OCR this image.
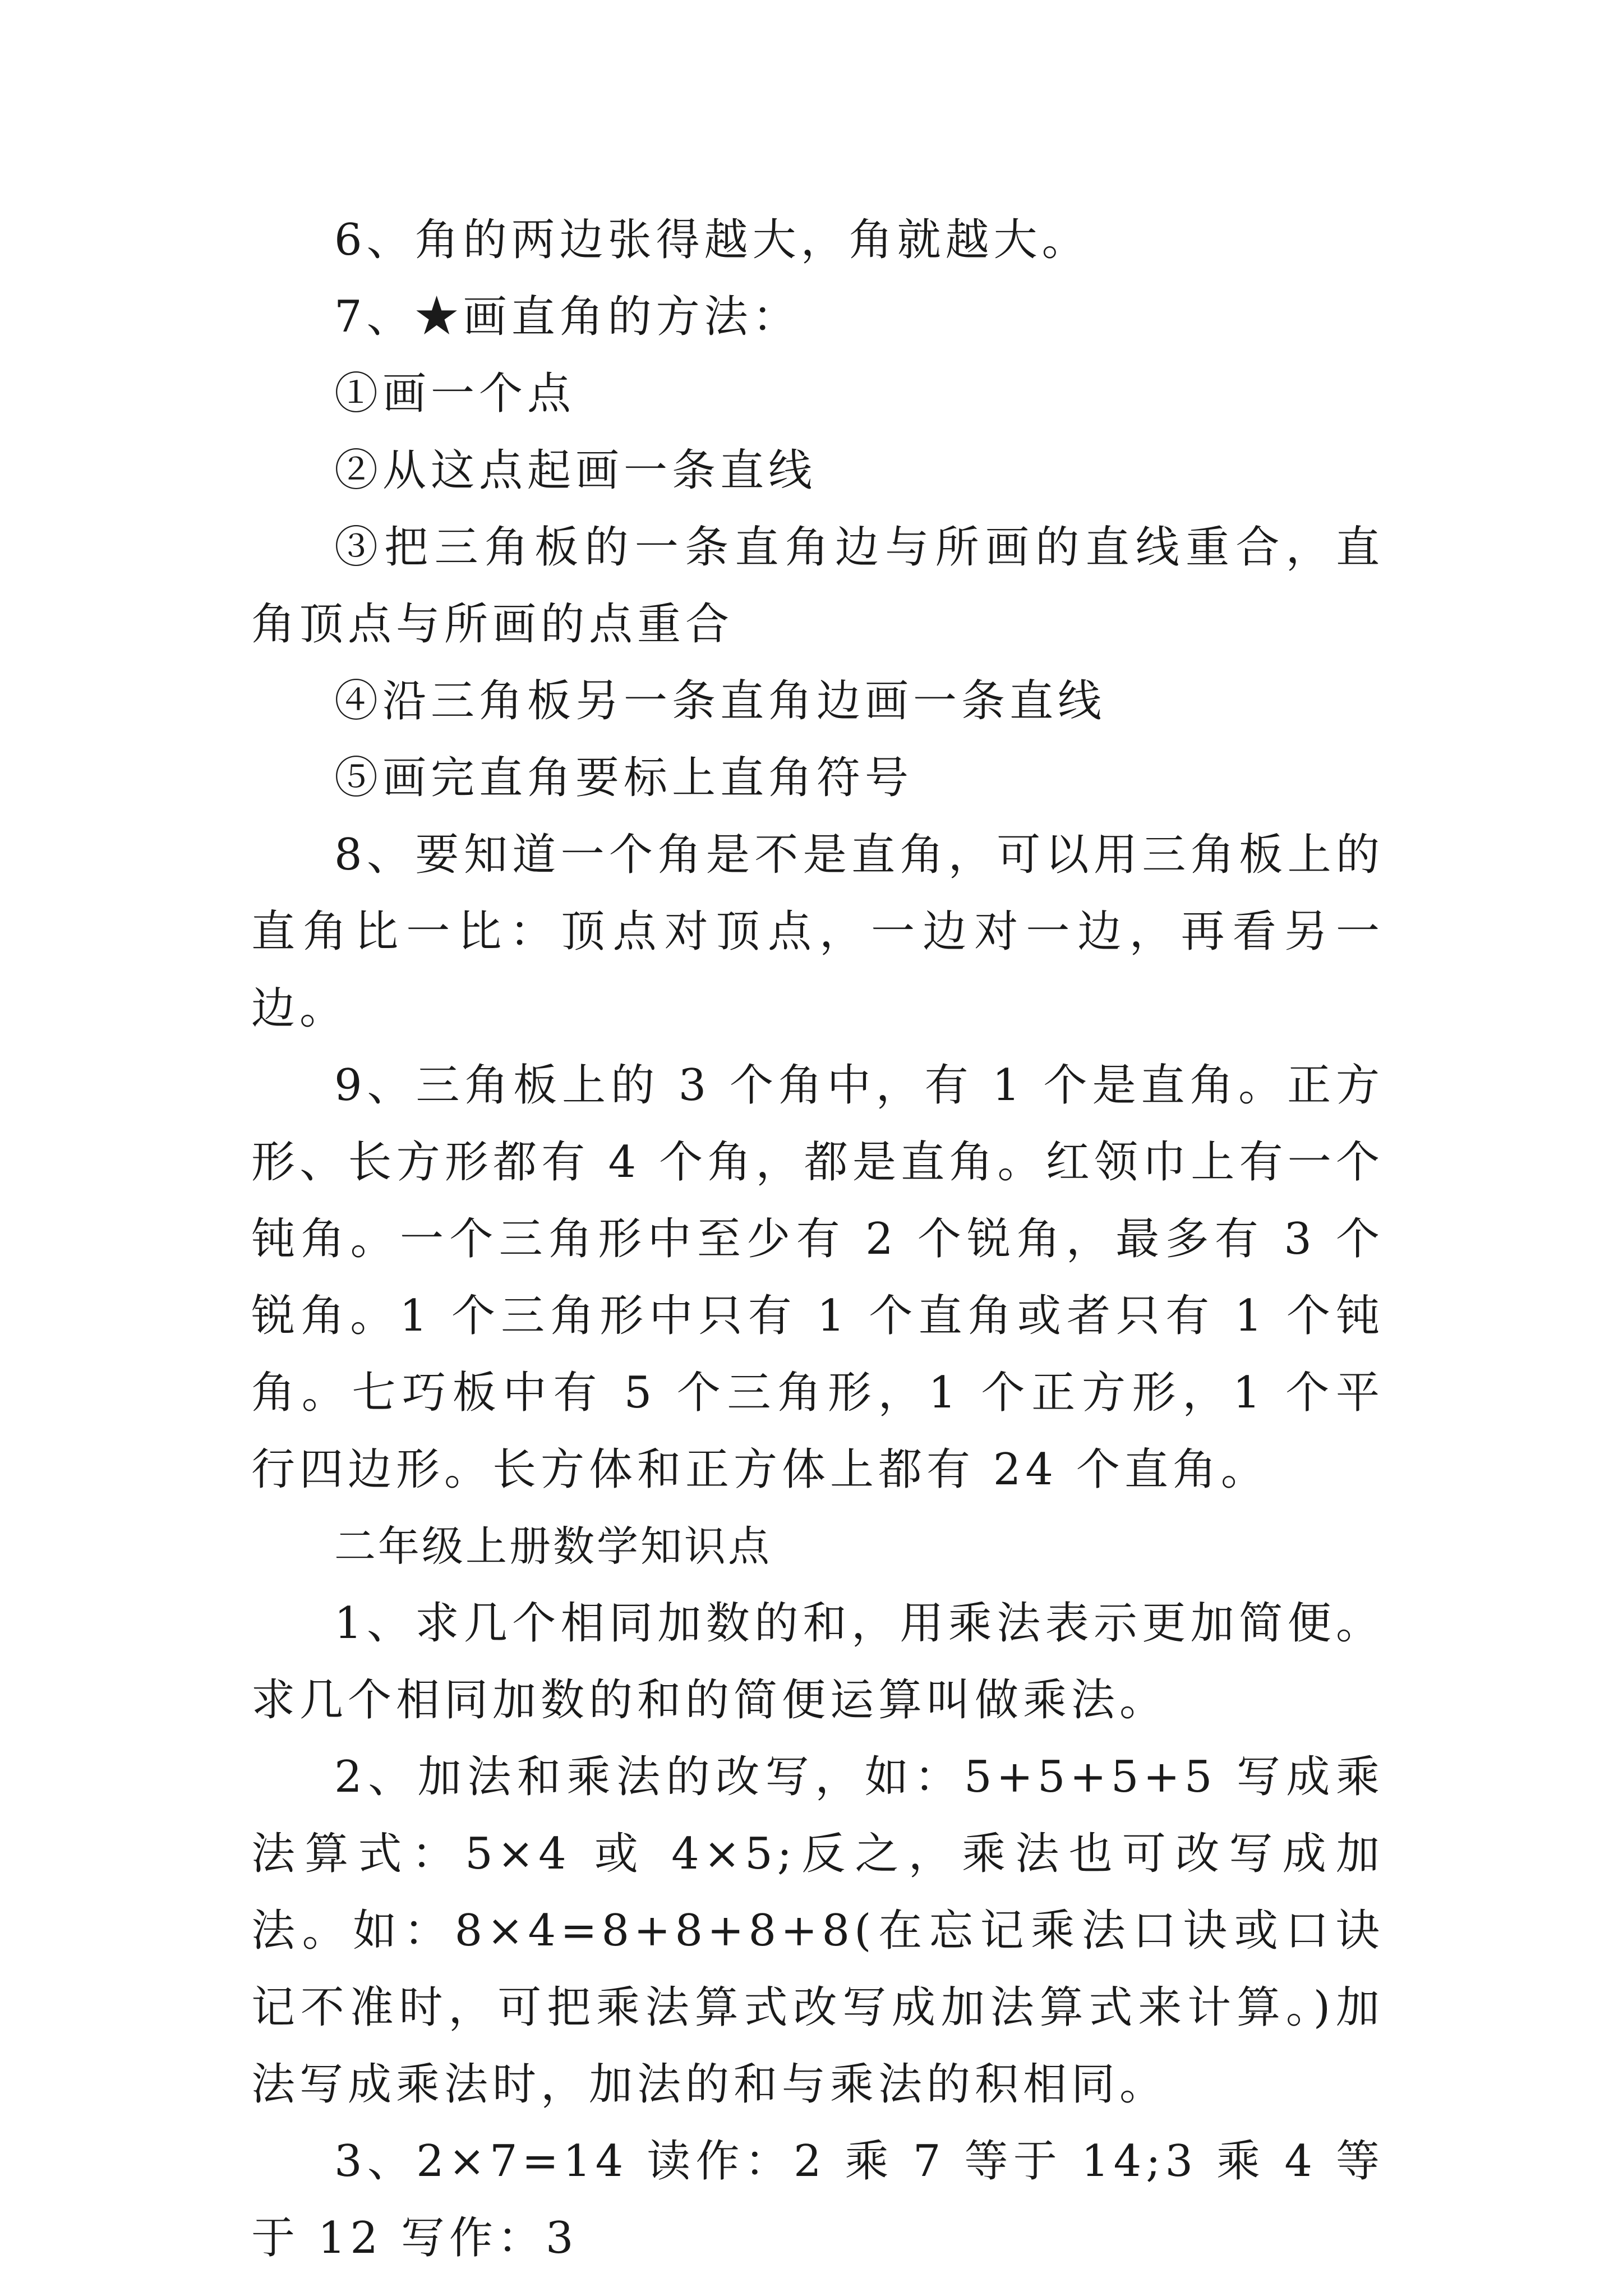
6、角的两边张得越大，角就越大。

7、★画直角的方法：

①画一个点

②从这点起画一条直线

③把三角板的一条直角边与所画的直线重合，直角顶点与所画的点重合

④沿三角板另一条直角边画一条直线

⑤画完直角要标上直角符号

8、要知道一个角是不是直角，可以用三角板上的直角比一比：顶点对顶点，一边对一边，再看另一边。

9、三角板上的 3 个角中，有 1 个是直角。正方形、长方形都有 4 个角，都是直角。红领巾上有一个钝角。一个三角形中至少有 2 个锐角，最多有 3 个锐角。1 个三角形中只有 1 个直角或者只有 1 个钝角。七巧板中有 5 个三角形，1 个正方形，1 个平行四边形。长方体和正方体上都有 24 个直角。

二年级上册数学知识点

1、求几个相同加数的和，用乘法表示更加简便。求几个相同加数的和的简便运算叫做乘法。

2、加法和乘法的改写，如：5+5+5+5 写成乘法算式：5×4 或 4×5;反之，乘法也可改写成加法。如：8×4=8+8+8+8(在忘记乘法口诀或口诀记不准时，可把乘法算式改写成加法算式来计算。)加法写成乘法时，加法的和与乘法的积相同。

3、2×7=14 读作：2 乘 7 等于 14;3 乘 4 等于 12 写作：3
